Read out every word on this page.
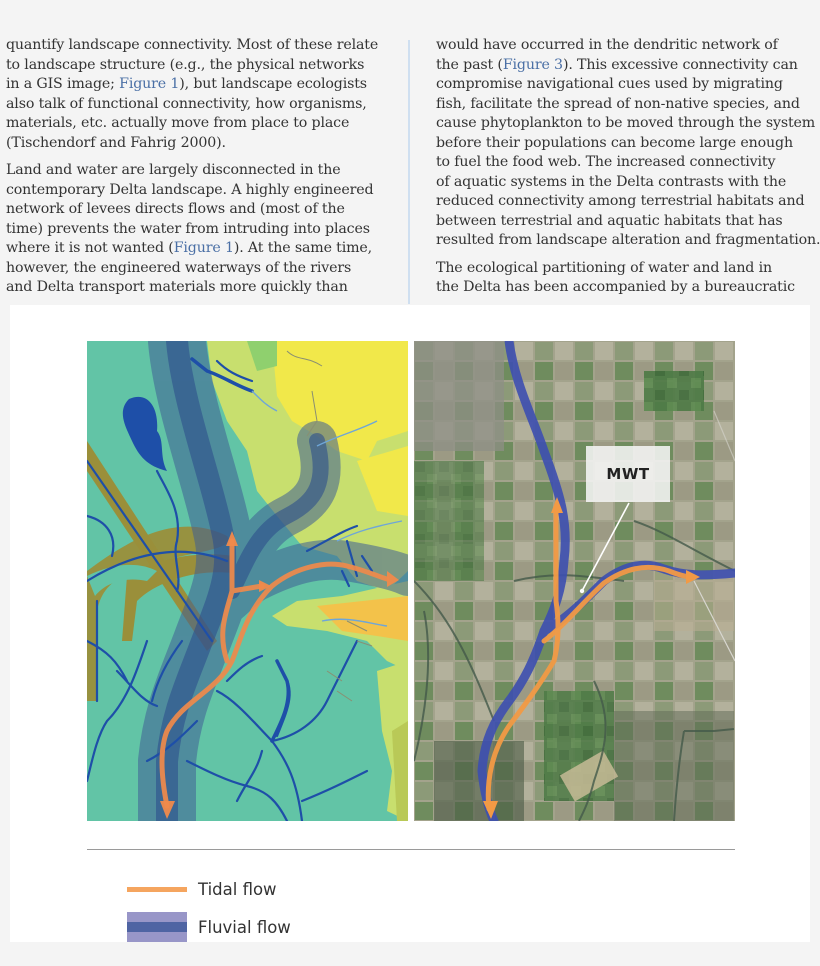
quantify landscape connectivity. Most of these relate
to landscape structure (e.g., the physical networks
in a GIS image; Figure 1), but landscape ecologists
also talk of functional connectivity, how organisms,
materials, etc. actually move from place to place
(Tischendorf and Fahrig 2000).

Land and water are largely disconnected in the
contemporary Delta landscape. A highly engineered
network of levees directs flows and (most of the
time) prevents the water from intruding into places
where it is not wanted (Figure 1). At the same time,
however, the engineered waterways of the rivers
and Delta transport materials more quickly than

would have occurred in the dendritic network of
the past (Figure 3). This excessive connectivity can
compromise navigational cues used by migrating
fish, facilitate the spread of non-native species, and
cause phytoplankton to be moved through the system
before their populations can become large enough
to fuel the food web. The increased connectivity
of aquatic systems in the Delta contrasts with the
reduced connectivity among terrestrial habitats and
between terrestrial and aquatic habitats that has
resulted from landscape alteration and fragmentation.

The ecological partitioning of water and land in
the Delta has been accompanied by a bureaucratic

MWT
Tidal flow
Fluvial flow
